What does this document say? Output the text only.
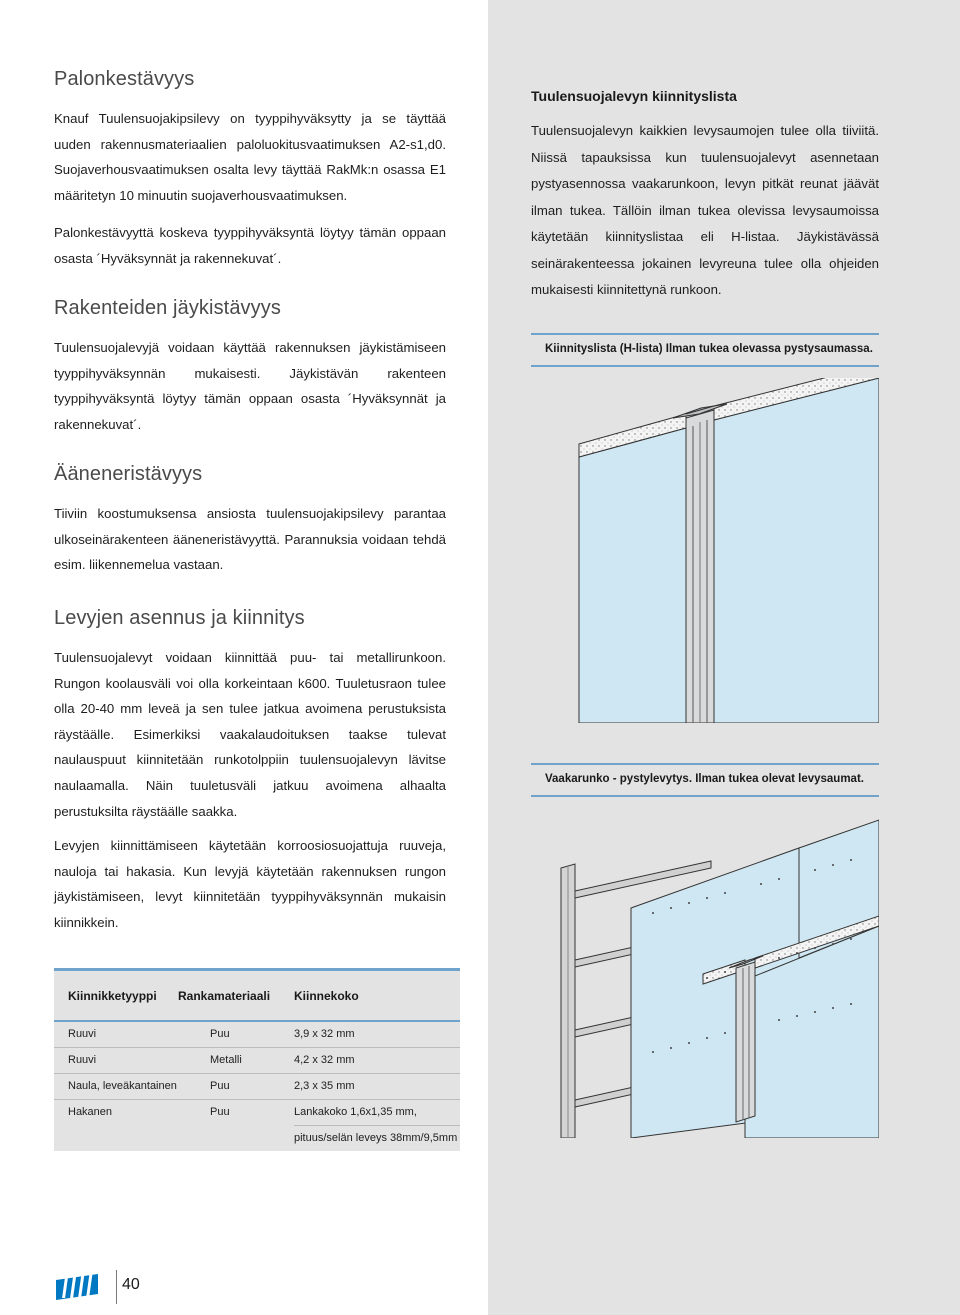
Palonkestävyys

Knauf Tuulensuojakipsilevy on tyyppihyväksytty ja se täyttää uuden rakennusmateriaalien paloluokitusvaatimuksen A2-s1,d0. Suojaverhousvaatimuksen osalta levy täyttää RakMk:n osassa E1 määritetyn 10 minuutin suojaverhousvaatimuksen.

Palonkestävyyttä koskeva tyyppihyväksyntä löytyy tämän oppaan osasta ´Hyväksynnät ja rakennekuvat´.

Rakenteiden jäykistävyys

Tuulensuojalevyjä voidaan käyttää rakennuksen jäykistämiseen tyyppihyväksynnän mukaisesti. Jäykistävän rakenteen tyyppihyväksyntä löytyy tämän oppaan osasta ´Hyväksynnät ja rakennekuvat´.

Ääneneristävyys

Tiiviin koostumuksensa ansiosta tuulensuojakipsilevy parantaa ulkoseinärakenteen ääneneristävyyttä. Parannuksia voidaan tehdä esim. liikennemelua vastaan.

Levyjen asennus ja kiinnitys

Tuulensuojalevyt voidaan kiinnittää puu- tai metallirunkoon. Rungon koolausväli voi olla korkeintaan k600. Tuuletusraon tulee olla 20-40 mm leveä ja sen tulee jatkua avoimena perustuksista räystäälle. Esimerkiksi vaakalaudoituksen taakse tulevat naulauspuut kiinnitetään runkotolppiin tuulensuojalevyn lävitse naulaamalla. Näin tuuletusväli jatkuu avoimena alhaalta perustuksilta räystäälle saakka.

Levyjen kiinnittämiseen käytetään korroosiosuojattuja ruuveja, nauloja tai hakasia. Kun levyjä käytetään rakennuksen rungon jäykistämiseen, levyt kiinnitetään tyyppihyväksynnän mukaisin kiinnikkein.

Tuulensuojalevyn kiinnityslista

Tuulensuojalevyn kaikkien levysaumojen tulee olla tiiviitä. Niissä tapauksissa kun tuulensuojalevyt asennetaan pystyasennossa vaakarunkoon, levyn pitkät reunat jäävät ilman tukea. Tällöin ilman tukea olevissa levysaumoissa käytetään kiinnityslistaa eli H-listaa. Jäykistävässä seinärakenteessa jokainen levyreuna tulee olla ohjeiden mukaisesti kiinnitettynä runkoon.

Kiinnityslista (H-lista) Ilman tukea olevassa pystysaumassa.
Vaakarunko - pystylevytys. Ilman tukea olevat levysaumat.
Kiinnikketyyppi	Rankamateriaali	Kiinnekoko
Ruuvi	Puu	3,9 x 32 mm
Ruuvi	Metalli	4,2 x 32 mm
Naula, leveäkantainen	Puu	2,3 x 35 mm
Hakanen	Puu	Lankakoko 1,6x1,35 mm,
		pituus/selän leveys 38mm/9,5mm
40
